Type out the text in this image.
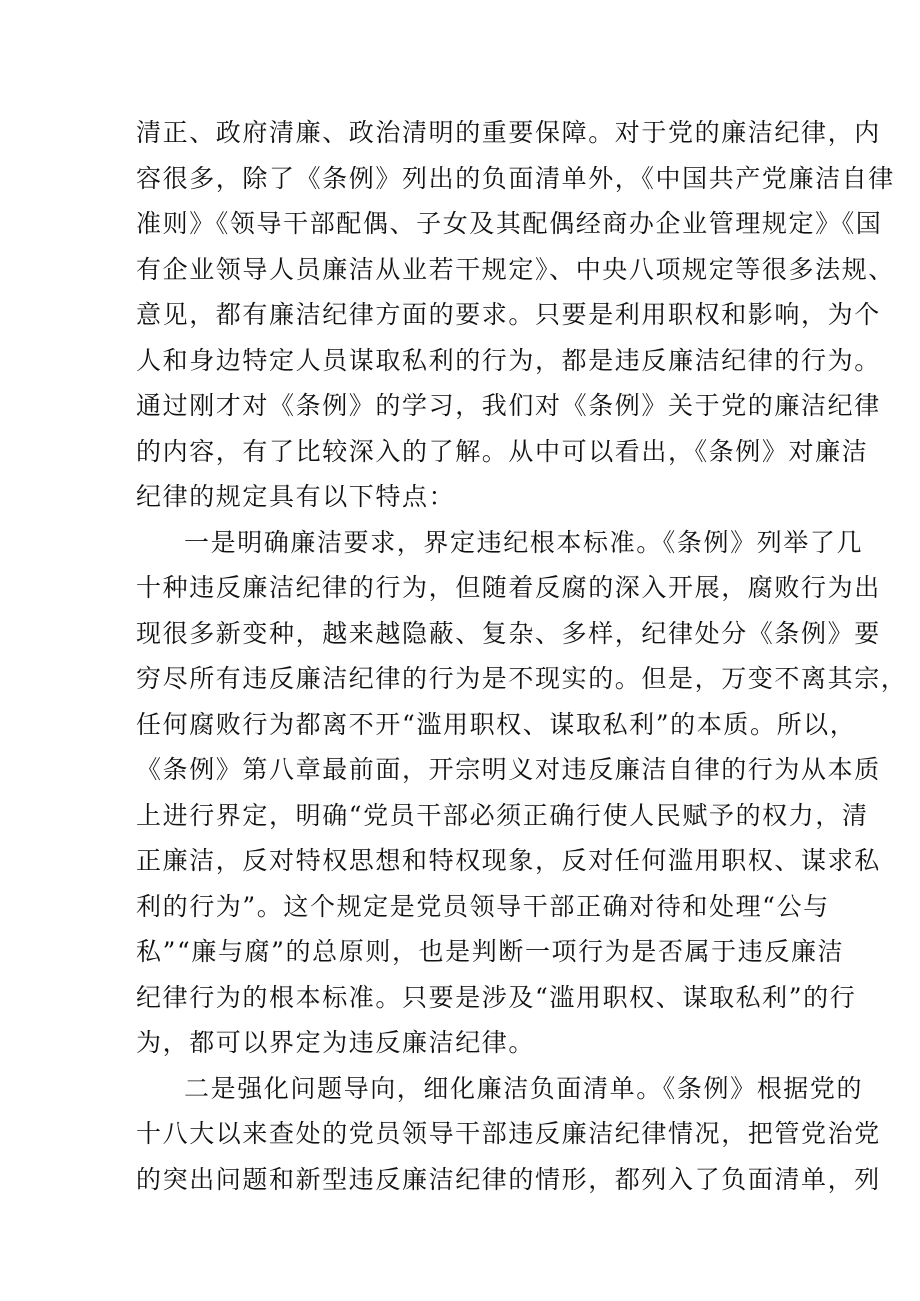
清正、政府清廉、政治清明的重要保障。对于党的廉洁纪律，内
容很多，除了《条例》列出的负面清单外，《中国共产党廉洁自律
准则》《领导干部配偶、子女及其配偶经商办企业管理规定》《国
有企业领导人员廉洁从业若干规定》、中央八项规定等很多法规、
意见，都有廉洁纪律方面的要求。只要是利用职权和影响，为个
人和身边特定人员谋取私利的行为，都是违反廉洁纪律的行为。
通过刚才对《条例》的学习，我们对《条例》关于党的廉洁纪律
的内容，有了比较深入的了解。从中可以看出，《条例》对廉洁
纪律的规定具有以下特点：
一是明确廉洁要求，界定违纪根本标准。《条例》列举了几
十种违反廉洁纪律的行为，但随着反腐的深入开展，腐败行为出
现很多新变种，越来越隐蔽、复杂、多样，纪律处分《条例》要
穷尽所有违反廉洁纪律的行为是不现实的。但是，万变不离其宗，
任何腐败行为都离不开“滥用职权、谋取私利”的本质。所以，
《条例》第八章最前面，开宗明义对违反廉洁自律的行为从本质
上进行界定，明确“党员干部必须正确行使人民赋予的权力，清
正廉洁，反对特权思想和特权现象，反对任何滥用职权、谋求私
利的行为”。这个规定是党员领导干部正确对待和处理“公与
私”“廉与腐”的总原则，也是判断一项行为是否属于违反廉洁
纪律行为的根本标准。只要是涉及“滥用职权、谋取私利”的行
为，都可以界定为违反廉洁纪律。
二是强化问题导向，细化廉洁负面清单。《条例》根据党的
十八大以来查处的党员领导干部违反廉洁纪律情况，把管党治党
的突出问题和新型违反廉洁纪律的情形，都列入了负面清单，列
